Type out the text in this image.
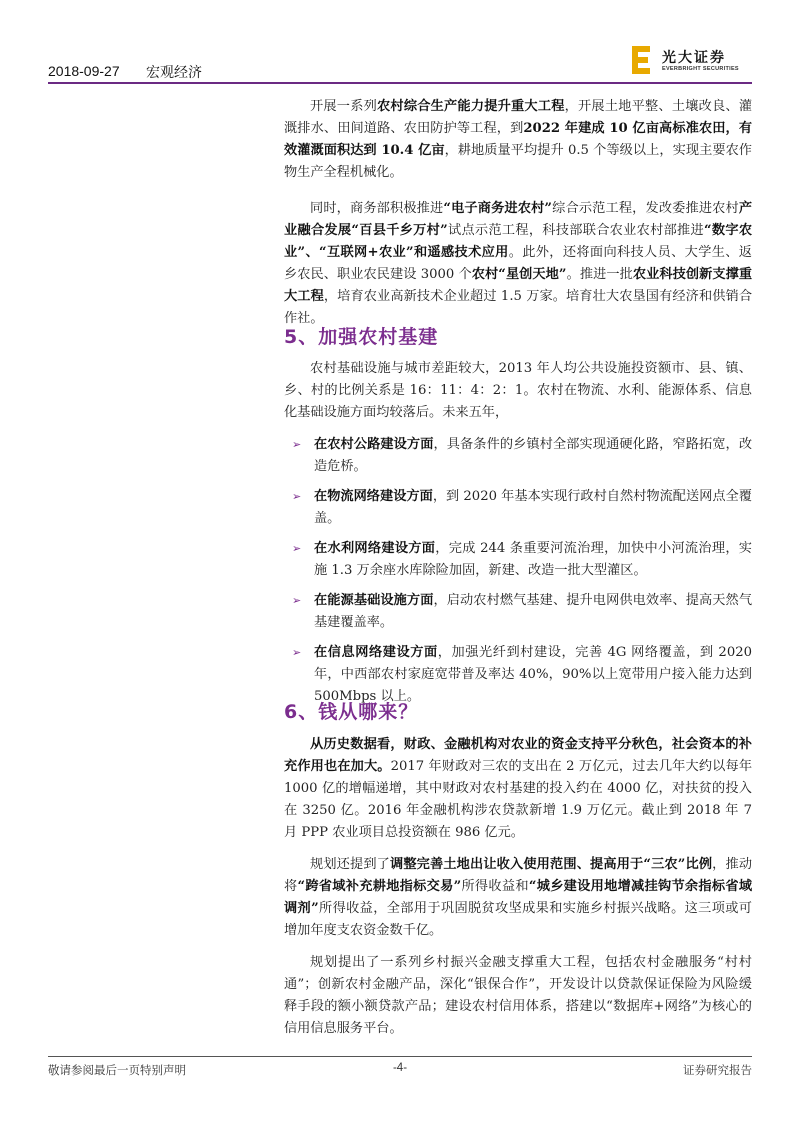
2018-09-27 宏观经济
光大证券
EVERBRIGHT SECURITIES

开展一系列农村综合生产能力提升重大工程，开展土地平整、土壤改良、灌溉排水、田间道路、农田防护等工程，到2022 年建成 10 亿亩高标准农田，有效灌溉面积达到 10.4 亿亩，耕地质量平均提升 0.5 个等级以上，实现主要农作物生产全程机械化。

同时，商务部积极推进“电子商务进农村”综合示范工程，发改委推进农村产业融合发展“百县千乡万村”试点示范工程，科技部联合农业农村部推进“数字农业”、“互联网+农业”和遥感技术应用。此外，还将面向科技人员、大学生、返乡农民、职业农民建设 3000 个农村“星创天地”。推进一批农业科技创新支撑重大工程，培育农业高新技术企业超过 1.5 万家。培育壮大农垦国有经济和供销合作社。

5、加强农村基建

农村基础设施与城市差距较大，2013 年人均公共设施投资额市、县、镇、乡、村的比例关系是 16：11：4：2：1。农村在物流、水利、能源体系、信息化基础设施方面均较落后。未来五年，

➢ 在农村公路建设方面，具备条件的乡镇村全部实现通硬化路，窄路拓宽，改造危桥。
➢ 在物流网络建设方面，到 2020 年基本实现行政村自然村物流配送网点全覆盖。
➢ 在水利网络建设方面，完成 244 条重要河流治理，加快中小河流治理，实施 1.3 万余座水库除险加固，新建、改造一批大型灌区。
➢ 在能源基础设施方面，启动农村燃气基建、提升电网供电效率、提高天然气基建覆盖率。
➢ 在信息网络建设方面，加强光纤到村建设，完善 4G 网络覆盖，到 2020 年，中西部农村家庭宽带普及率达 40%，90%以上宽带用户接入能力达到 500Mbps 以上。
6、钱从哪来？

从历史数据看，财政、金融机构对农业的资金支持平分秋色，社会资本的补充作用也在加大。2017 年财政对三农的支出在 2 万亿元，过去几年大约以每年 1000 亿的增幅递增，其中财政对农村基建的投入约在 4000 亿，对扶贫的投入在 3250 亿。2016 年金融机构涉农贷款新增 1.9 万亿元。截止到 2018 年 7 月 PPP 农业项目总投资额在 986 亿元。

规划还提到了调整完善土地出让收入使用范围、提高用于“三农”比例，推动将“跨省域补充耕地指标交易”所得收益和“城乡建设用地增减挂钩节余指标省域调剂”所得收益，全部用于巩固脱贫攻坚成果和实施乡村振兴战略。这三项或可增加年度支农资金数千亿。

规划提出了一系列乡村振兴金融支撑重大工程，包括农村金融服务“村村通”；创新农村金融产品，深化“银保合作”，开发设计以贷款保证保险为风险缓释手段的额小额贷款产品；建设农村信用体系，搭建以“数据库+网络”为核心的信用信息服务平台。

敬请参阅最后一页特别声明	-4-	证券研究报告
